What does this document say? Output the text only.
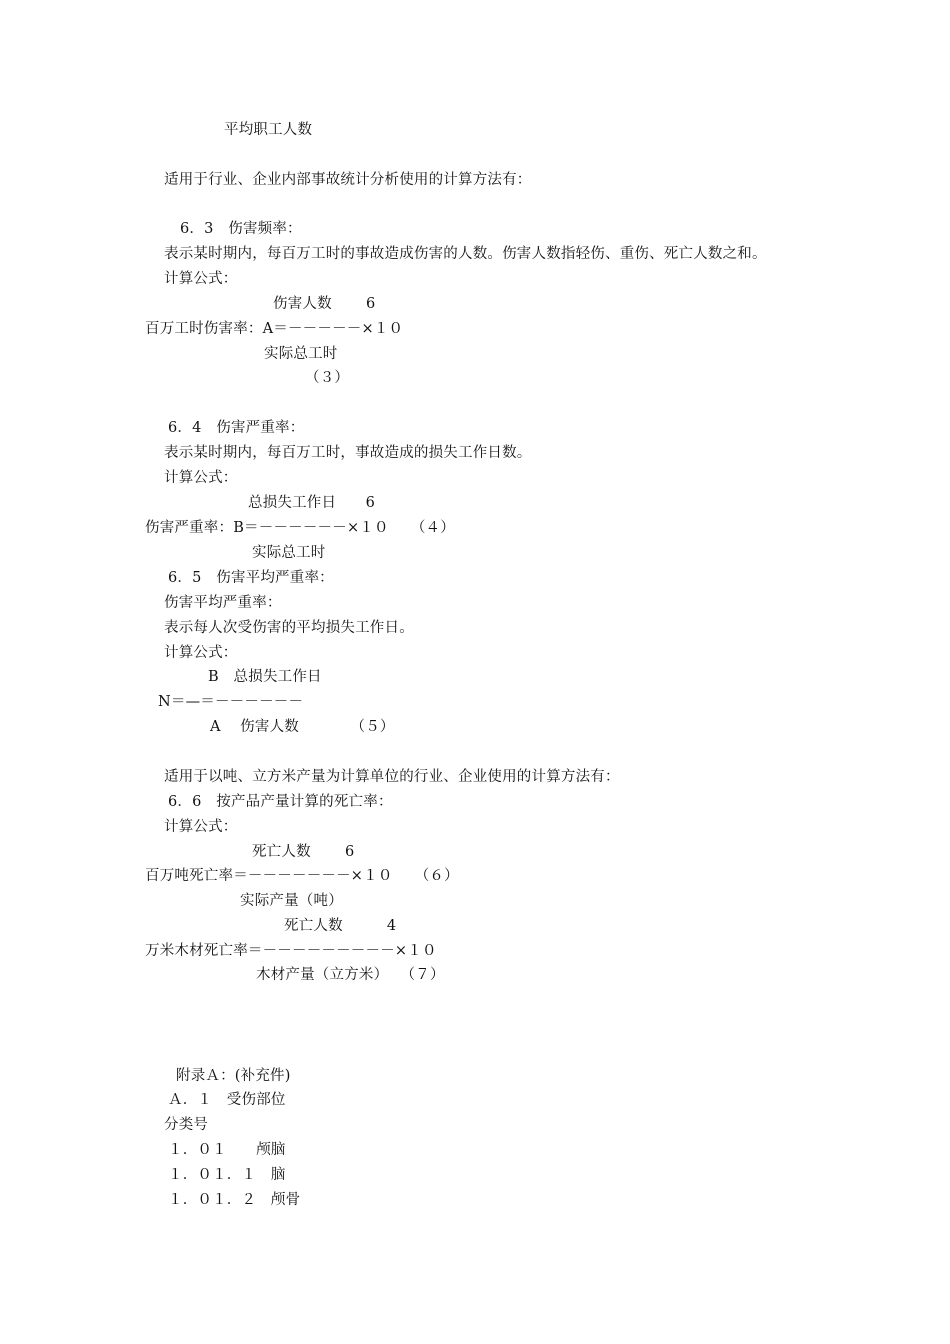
平均职工人数
适用于行业、企业内部事故统计分析使用的计算方法有：
6．3　伤害频率：
表示某时期内，每百万工时的事故造成伤害的人数。伤害人数指轻伤、重伤、死亡人数之和。
计算公式：
伤害人数　　 6
百万工时伤害率：A＝－－－－－×１０
实际总工时
（３）
6．4　伤害严重率：
表示某时期内，每百万工时，事故造成的损失工作日数。
计算公式：
总损失工作日　　6
伤害严重率：B＝－－－－－－×１０　　（４）
实际总工时
6．5　伤害平均严重率：
伤害平均严重率：
表示每人次受伤害的平均损失工作日。
计算公式：
B　总损失工作日
N＝—＝－－－－－－
A　 伤害人数　　　　（５）
适用于以吨、立方米产量为计算单位的行业、企业使用的计算方法有：
6．6　按产品产量计算的死亡率：
计算公式：
死亡人数　　 6
百万吨死亡率＝－－－－－－－×１０　　（６）
实际产量（吨）
死亡人数　　　4
万米木材死亡率＝－－－－－－－－－×１０
木材产量（立方米）　 （７）
附录Ａ：(补充件)
Ａ．１　受伤部位
分类号
１．０１　　颅脑
１．０１．１　脑
１．０１．２　颅骨
